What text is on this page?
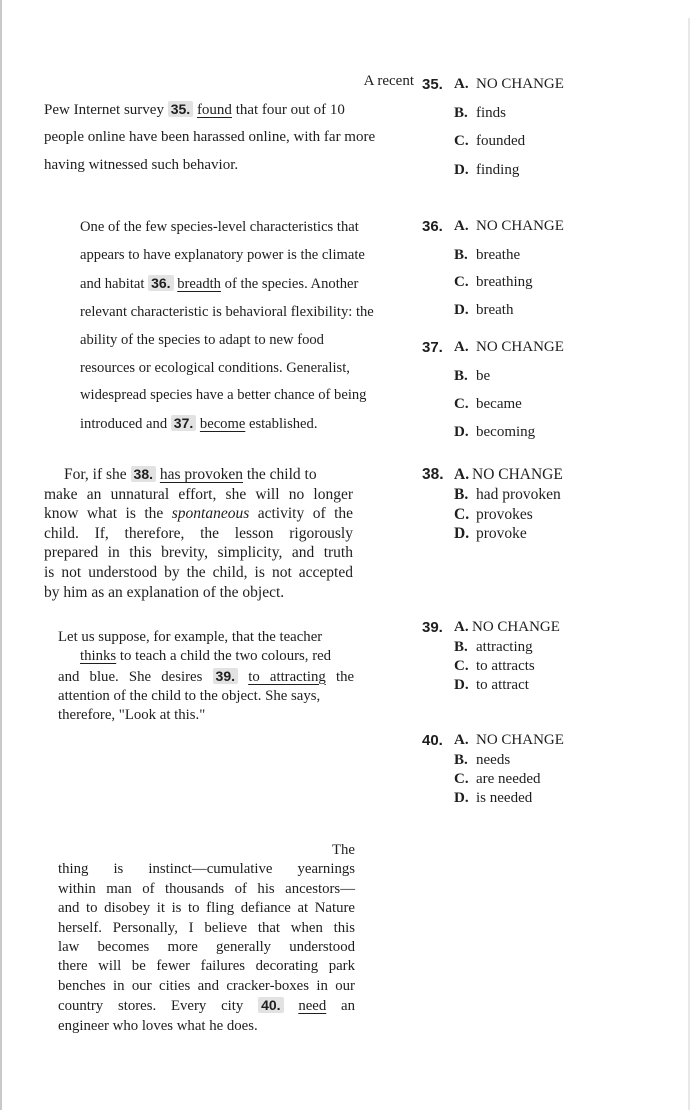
A recent
Pew Internet survey 35. found that four out of 10
people online have been harassed online, with far more
having witnessed such behavior.
One of the few species-level characteristics that
appears to have explanatory power is the climate
and habitat 36. breadth of the species. Another
relevant characteristic is behavioral flexibility: the
ability of the species to adapt to new food
resources or ecological conditions. Generalist,
widespread species have a better chance of being
introduced and 37. become established.
For, if she 38. has provoken the child to
make an unnatural effort, she will no longer
know what is the spontaneous activity of the
child. If, therefore, the lesson rigorously
prepared in this brevity, simplicity, and truth
is not understood by the child, is not accepted
by him as an explanation of the object.
Let us suppose, for example, that the teacher
thinks to teach a child the two colours, red
and blue. She desires 39. to attracting the
attention of the child to the object. She says,
therefore, "Look at this."
The
thing is instinct—cumulative yearnings
within man of thousands of his ancestors—
and to disobey it is to fling defiance at Nature
herself. Personally, I believe that when this
law becomes more generally understood
there will be fewer failures decorating park
benches in our cities and cracker-boxes in our
country stores. Every city 40. need an
engineer who loves what he does.
35. A. NO CHANGE
B. finds
C. founded
D. finding
36. A. NO CHANGE
B. breathe
C. breathing
D. breath
37. A. NO CHANGE
B. be
C. became
D. becoming
38. A. NO CHANGE
B. had provoken
C. provokes
D. provoke
39. A. NO CHANGE
B. attracting
C. to attracts
D. to attract
40. A. NO CHANGE
B. needs
C. are needed
D. is needed
